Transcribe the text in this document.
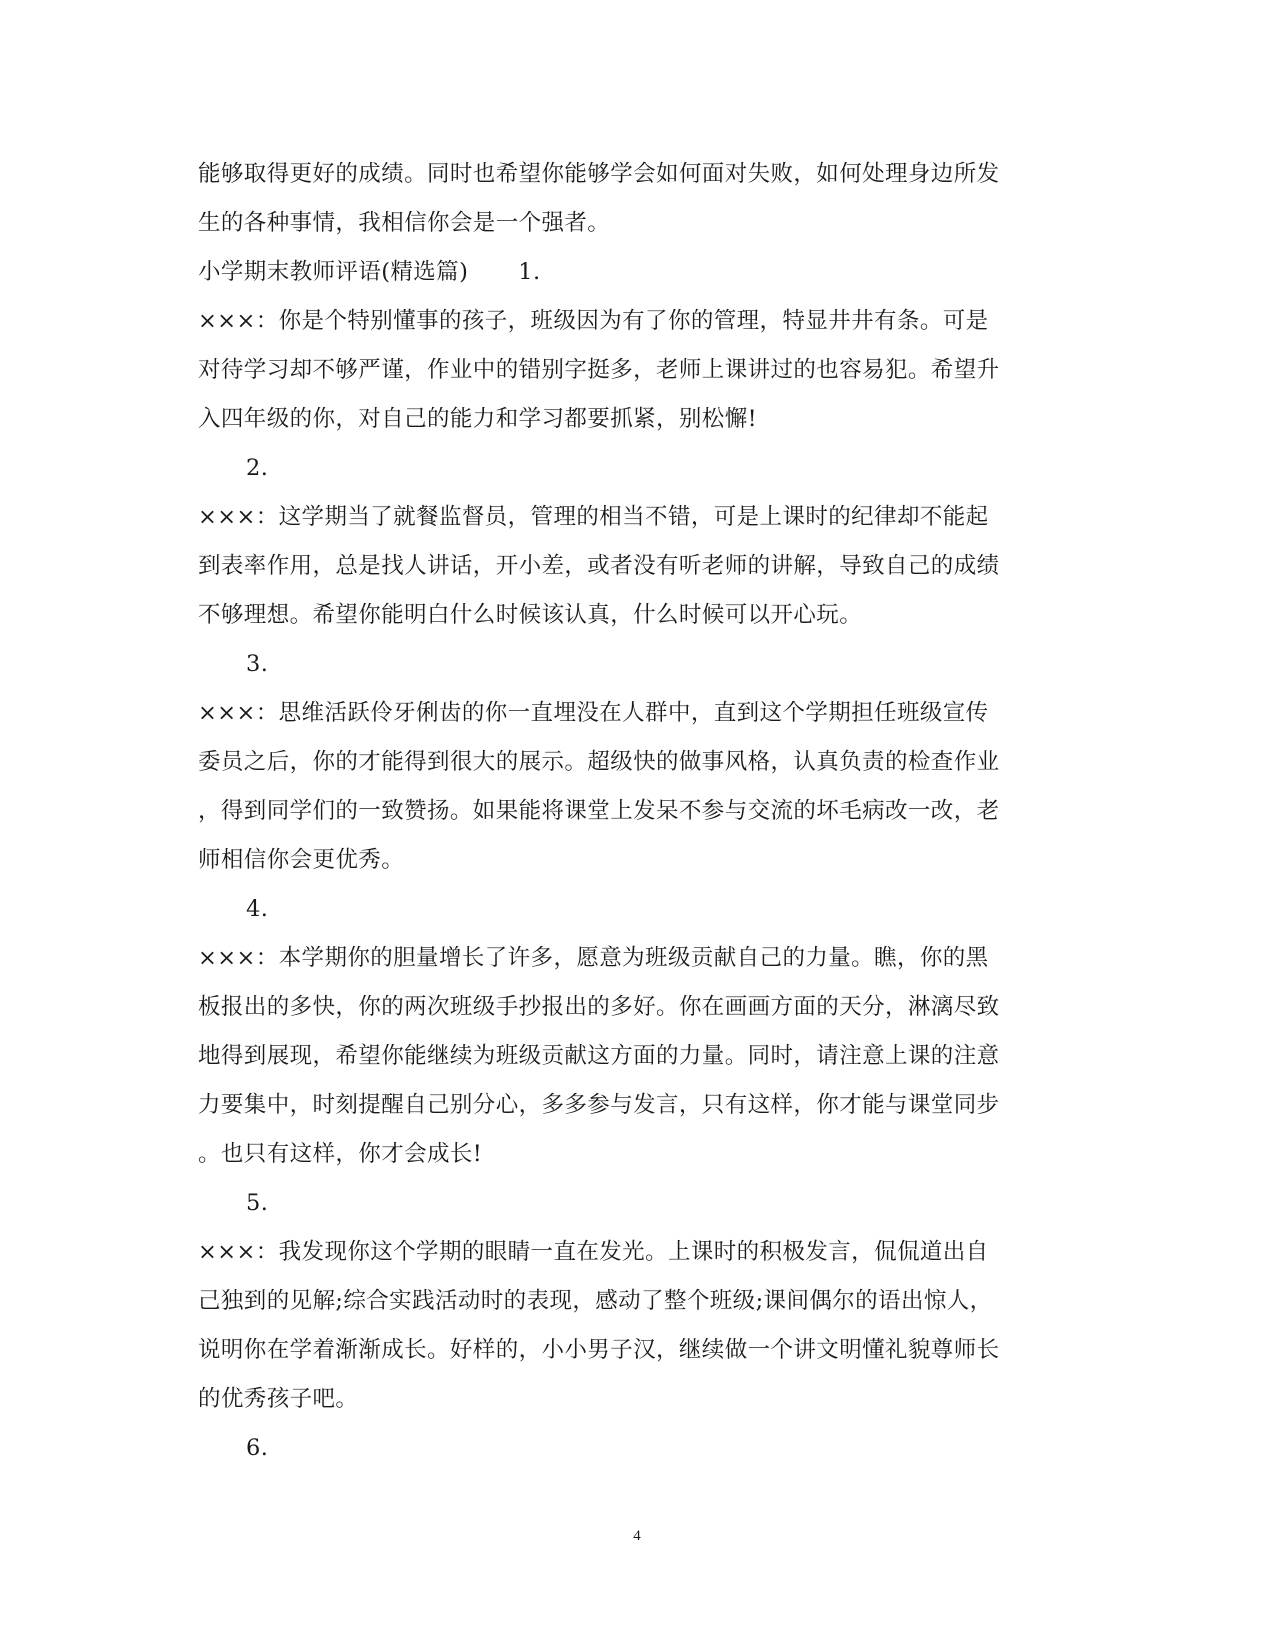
能够取得更好的成绩。同时也希望你能够学会如何面对失败，如何处理身边所发
生的各种事情，我相信你会是一个强者。
小学期末教师评语(精选篇) 1.
×××：你是个特别懂事的孩子，班级因为有了你的管理，特显井井有条。可是
对待学习却不够严谨，作业中的错别字挺多，老师上课讲过的也容易犯。希望升
入四年级的你，对自己的能力和学习都要抓紧，别松懈!
2.
×××：这学期当了就餐监督员，管理的相当不错，可是上课时的纪律却不能起
到表率作用，总是找人讲话，开小差，或者没有听老师的讲解，导致自己的成绩
不够理想。希望你能明白什么时候该认真，什么时候可以开心玩。
3.
×××：思维活跃伶牙俐齿的你一直埋没在人群中，直到这个学期担任班级宣传
委员之后，你的才能得到很大的展示。超级快的做事风格，认真负责的检查作业
，得到同学们的一致赞扬。如果能将课堂上发呆不参与交流的坏毛病改一改，老
师相信你会更优秀。
4.
×××：本学期你的胆量增长了许多，愿意为班级贡献自己的力量。瞧，你的黑
板报出的多快，你的两次班级手抄报出的多好。你在画画方面的天分，淋漓尽致
地得到展现，希望你能继续为班级贡献这方面的力量。同时，请注意上课的注意
力要集中，时刻提醒自己别分心，多多参与发言，只有这样，你才能与课堂同步
。也只有这样，你才会成长!
5.
×××：我发现你这个学期的眼睛一直在发光。上课时的积极发言，侃侃道出自
己独到的见解;综合实践活动时的表现，感动了整个班级;课间偶尔的语出惊人，
说明你在学着渐渐成长。好样的，小小男子汉，继续做一个讲文明懂礼貌尊师长
的优秀孩子吧。
6.
4
